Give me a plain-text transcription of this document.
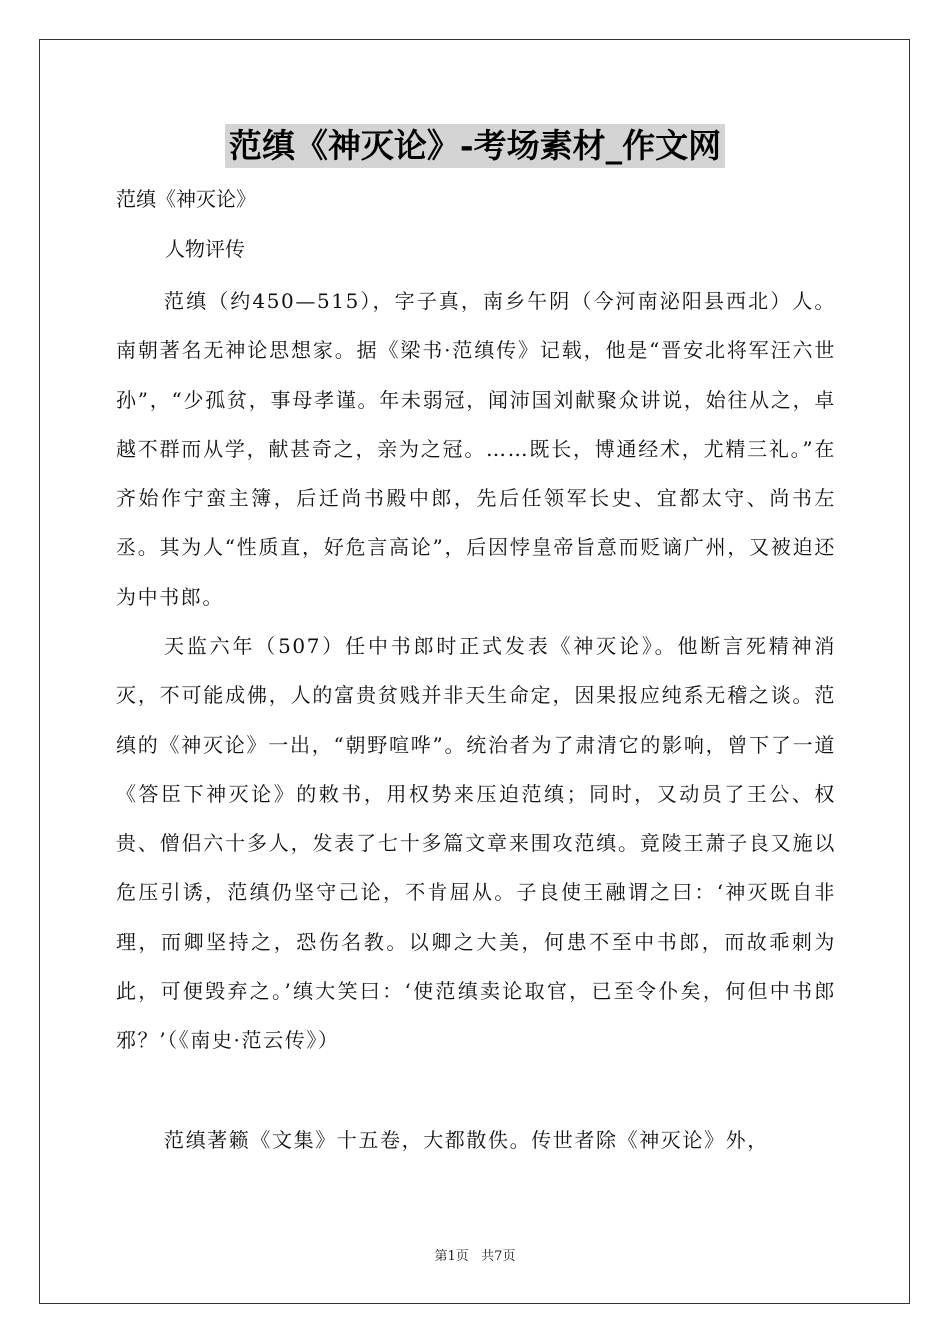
范缜《神灭论》-考场素材_作文网
范缜《神灭论》
人物评传

范缜（约450—515），字子真，南乡午阴（今河南泌阳县西北）人。南朝著名无神论思想家。据《梁书·范缜传》记载，他是“晋安北将军汪六世孙”，“少孤贫，事母孝谨。年未弱冠，闻沛国刘献聚众讲说，始往从之，卓越不群而从学，献甚奇之，亲为之冠。……既长，博通经术，尤精三礼。”在齐始作宁蛮主簿，后迁尚书殿中郎，先后任领军长史、宜都太守、尚书左丞。其为人“性质直，好危言高论”，后因悖皇帝旨意而贬谪广州，又被迫还为中书郎。

天监六年（507）任中书郎时正式发表《神灭论》。他断言死精神消灭，不可能成佛，人的富贵贫贱并非天生命定，因果报应纯系无稽之谈。范缜的《神灭论》一出，“朝野喧哗”。统治者为了肃清它的影响，曾下了一道《答臣下神灭论》的敕书，用权势来压迫范缜；同时，又动员了王公、权贵、僧侣六十多人，发表了七十多篇文章来围攻范缜。竟陵王萧子良又施以危压引诱，范缜仍坚守己论，不肯屈从。子良使王融谓之曰：‘神灭既自非理，而卿坚持之，恐伤名教。以卿之大美，何患不至中书郎，而故乖刺为此，可便毁弃之。’缜大笑曰：‘使范缜卖论取官，已至令仆矣，何但中书郎邪？’（《南史·范云传》）

范缜著籁《文集》十五卷，大都散佚。传世者除《神灭论》外，

第1页   共7页
